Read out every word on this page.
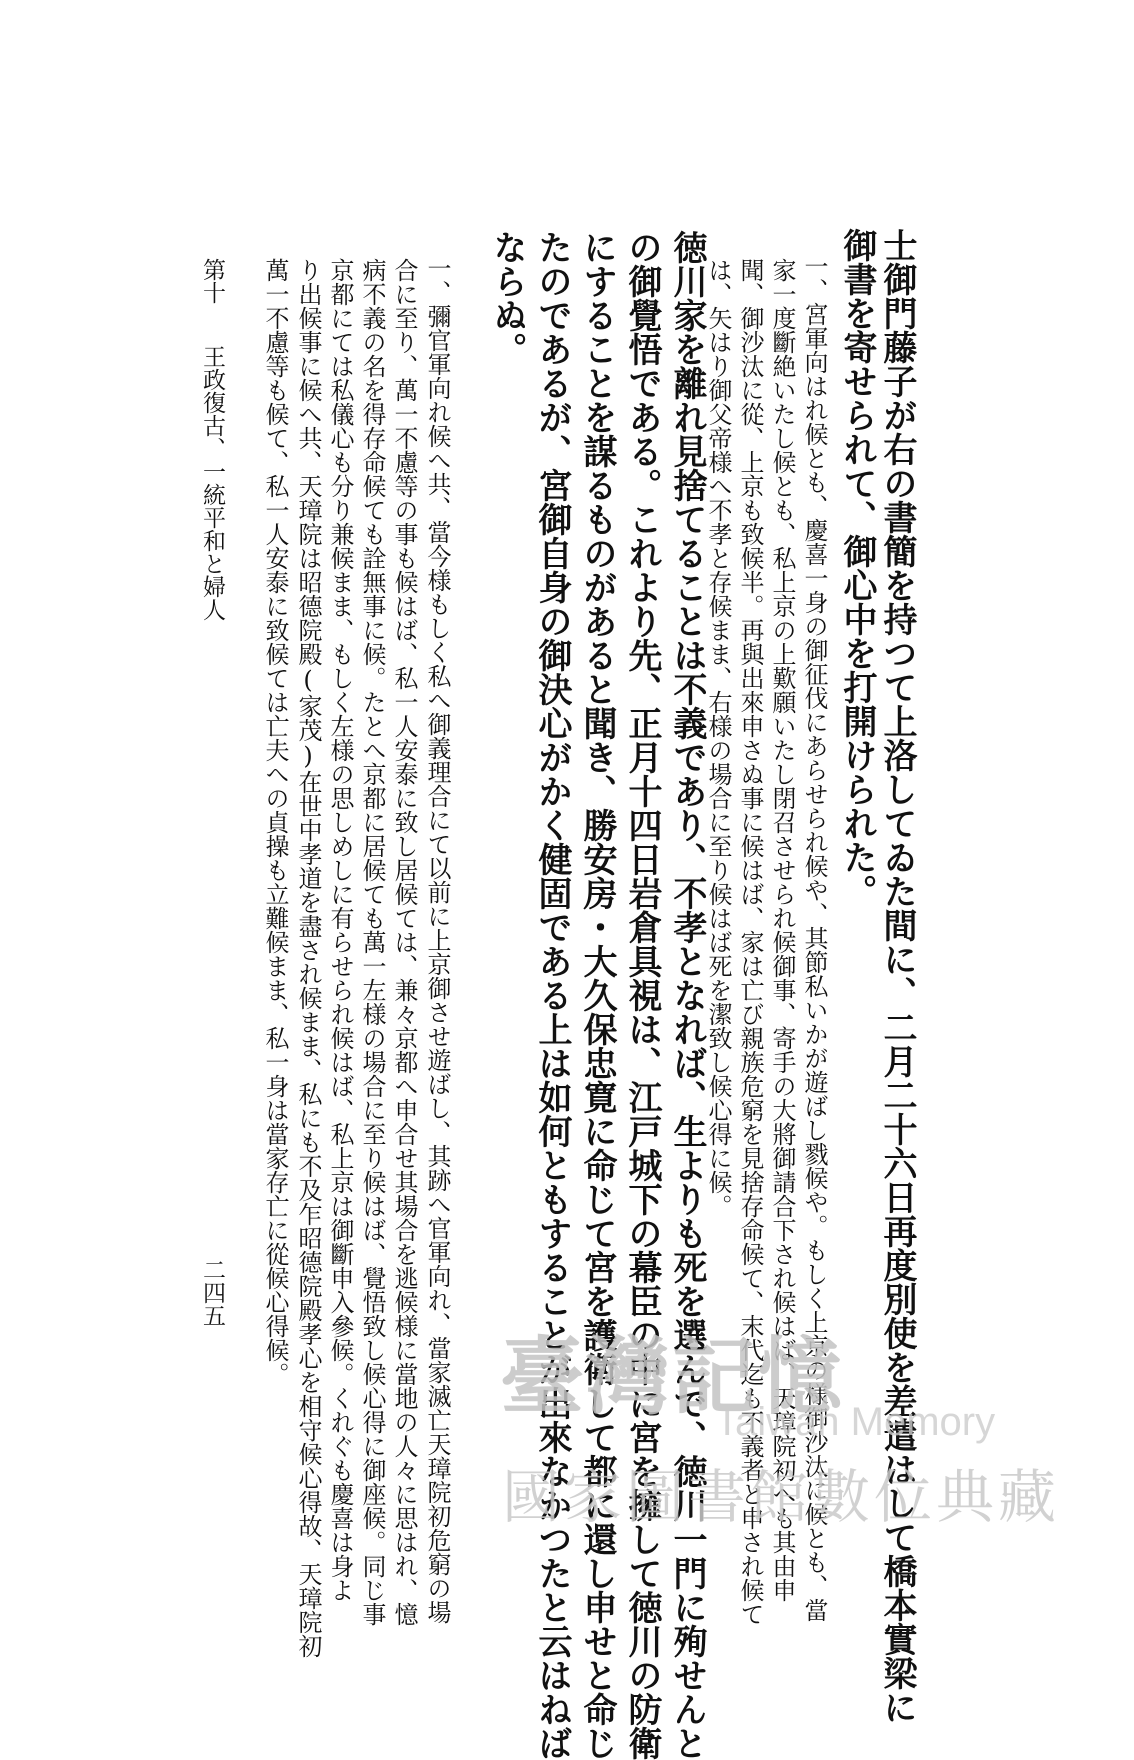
士御門藤子が右の書簡を持つて上洛してゐた間に、二月二十六日再度別使を差遣はして橋本實梁に
御書を寄せられて、御心中を打開けられた。
一、宮軍向はれ候とも、慶喜一身の御征伐にあらせられ候や、其節私いかが遊ばし戮候や。もしく上京の様御沙汰に候とも、當
家一度斷絶いたし候とも、私上京の上歎願いたし閉召させられ候御事、寄手の大將御請合下され候はば、天璋院初へも其由申
聞、御沙汰に從、上京も致候半。再與出來申さぬ事に候はば、家は亡び親族危窮を見捨存命候て、末代迄も不義者と申され候て
は、矢はり御父帝様へ不孝と存候まま、右様の場合に至り候はば死を潔致し候心得に候。
徳川家を離れ見捨てることは不義であり、不孝となれば、生よりも死を選んで、徳川一門に殉せんと
の御覺悟である。これより先、正月十四日岩倉具視は、江戸城下の幕臣の中に宮を擁して徳川の防衛
にすることを謀るものがあると聞き、勝安房・大久保忠寛に命じて宮を護衛して都に還し申せと命じ
たのであるが、宮御自身の御決心がかく健固である上は如何ともすることが出來なかつたと云はねば
ならぬ。
一、彌官軍向れ候へ共、當今様もしく私へ御義理合にて以前に上京御させ遊ばし、其跡へ官軍向れ、當家滅亡天璋院初危窮の場
合に至り、萬一不慮等の事も候はば、私一人安泰に致し居候ては、兼々京都へ申合せ其場合を逃候様に當地の人々に思はれ、憶
病不義の名を得存命候ても詮無事に候。たとへ京都に居候ても萬一左様の場合に至り候はば、覺悟致し候心得に御座候。同じ事
京都にては私儀心も分り兼候まま、もしく左様の思しめしに有らせられ候はば、私上京は御斷申入參候。くれぐも慶喜は身よ
り出候事に候へ共、天璋院は昭德院殿(家茂)在世中孝道を盡され候まま、私にも不及乍昭德院殿孝心を相守候心得故、天璋院初
萬一不慮等も候て、私一人安泰に致候ては亡夫への貞操も立難候まま、私一身は當家存亡に從候心得候。
第十
王政復古、一統平和と婦人
二四五
臺灣記憶
Taiwan Memory
國家圖書館數位典藏
